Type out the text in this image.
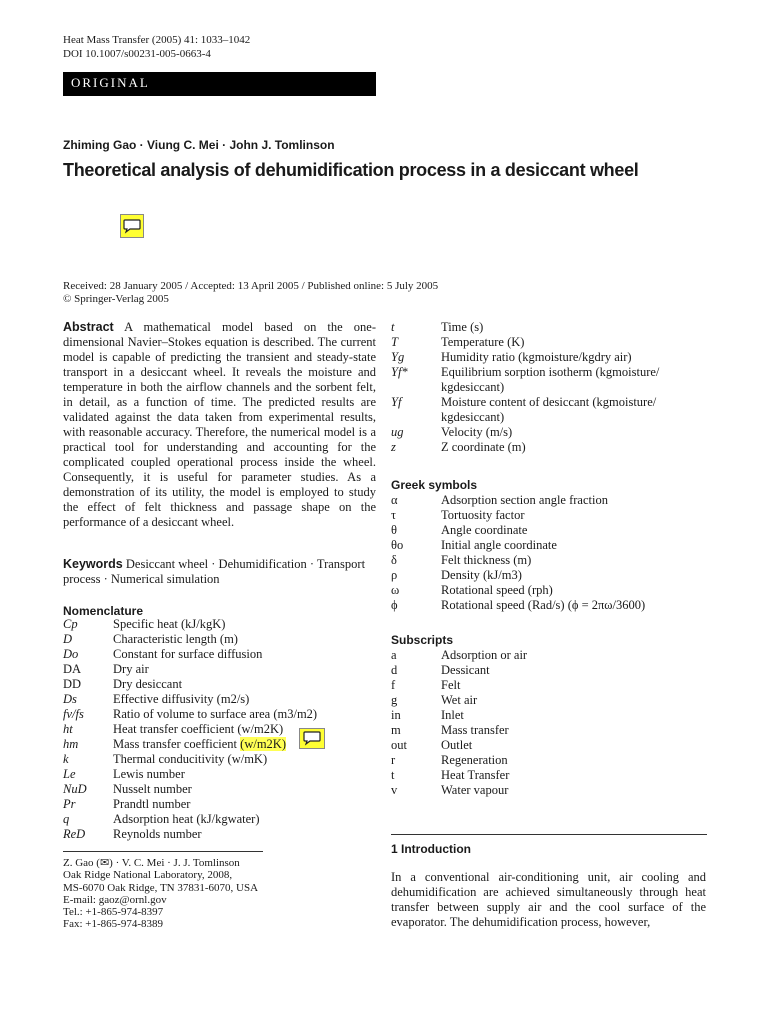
Heat Mass Transfer (2005) 41: 1033–1042
DOI 10.1007/s00231-005-0663-4
ORIGINAL
Zhiming Gao · Viung C. Mei · John J. Tomlinson
Theoretical analysis of dehumidification process in a desiccant wheel
Received: 28 January 2005 / Accepted: 13 April 2005 / Published online: 5 July 2005
© Springer-Verlag 2005
Abstract A mathematical model based on the one-dimensional Navier–Stokes equation is described. The current model is capable of predicting the transient and steady-state transport in a desiccant wheel. It reveals the moisture and temperature in both the airflow channels and the sorbent felt, in detail, as a function of time. The predicted results are validated against the data taken from experimental results, with reasonable accuracy. Therefore, the numerical model is a practical tool for understanding and accounting for the complicated coupled operational process inside the wheel. Consequently, it is useful for parameter studies. As a demonstration of its utility, the model is employed to study the effect of felt thickness and passage shape on the performance of a desiccant wheel.
Keywords Desiccant wheel · Dehumidification · Transport process · Numerical simulation
Nomenclature
Cp	Specific heat (kJ/kgK)
D	Characteristic length (m)
Do	Constant for surface diffusion
DA	Dry air
DD	Dry desiccant
Ds	Effective diffusivity (m2/s)
fv/fs Ratio of volume to surface area (m3/m2)
ht	Heat transfer coefficient (w/m2K)
hm	Mass transfer coefficient (w/m2K)
k	Thermal conducitivity (w/mK)
Le	Lewis number
NuD Nusselt number
Pr	Prandtl number
q	Adsorption heat (kJ/kgwater)
ReD Reynolds number
Z. Gao (✉) · V. C. Mei · J. J. Tomlinson
Oak Ridge National Laboratory, 2008,
MS-6070 Oak Ridge, TN 37831-6070, USA
E-mail: gaoz@ornl.gov
Tel.: +1-865-974-8397
Fax: +1-865-974-8389
t	Time (s)
T	Temperature (K)
Yg	Humidity ratio (kgmoisture/kgdry air)
Yf*	Equilibrium sorption isotherm (kgmoisture/
kgdesiccant)
Yf	Moisture content of desiccant (kgmoisture/
kgdesiccant)
ug	Velocity (m/s)
z	Z coordinate (m)
Greek symbols
α	Adsorption section angle fraction
τ	Tortuosity factor
θ	Angle coordinate
θo	Initial angle coordinate
δ	Felt thickness (m)
ρ	Density (kJ/m3)
ω	Rotational speed (rph)
ϕ	Rotational speed (Rad/s) (ϕ = 2πω/3600)
Subscripts
a	Adsorption or air
d	Dessicant
f	Felt
g	Wet air
in	Inlet
m	Mass transfer
out	Outlet
r	Regeneration
t	Heat Transfer
v	Water vapour
1 Introduction
In a conventional air-conditioning unit, air cooling and dehumidification are achieved simultaneously through heat transfer between supply air and the cool surface of the evaporator. The dehumidification process, however,
